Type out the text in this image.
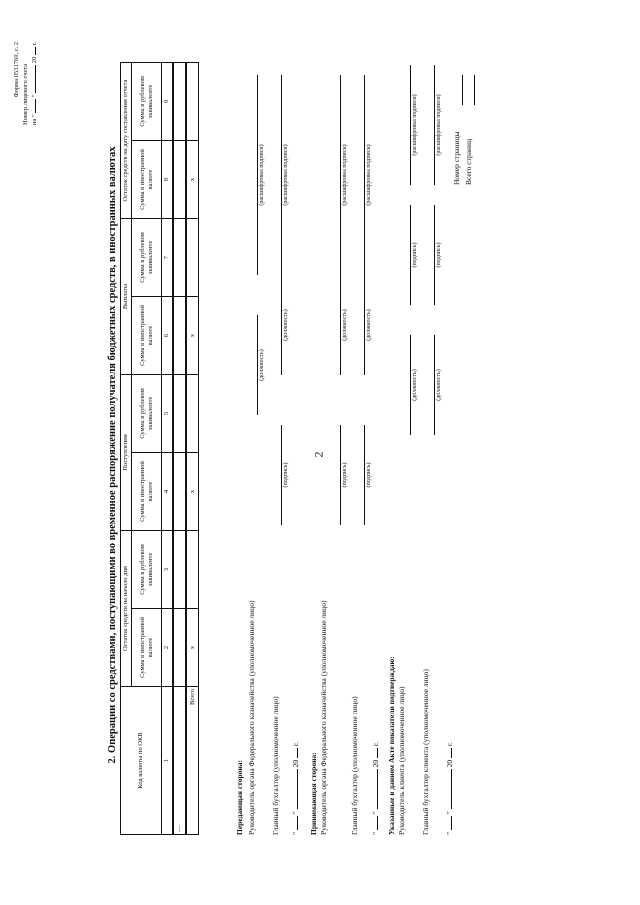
2
Форма 0531760, с. 2 Номер лицевого счета на "  "  20  г.
2. Операции со средствами, поступающими во временное распоряжение получателя бюджетных средств, в иностранных валютах	Код валюты по ОКВ	Остаток средств на начало дня		Поступления		Выплаты		Остаток средств на дату составления отчета	
	Сумма в иностранной валюте	Сумма в рублевом эквиваленте	Сумма в иностранной валюте	Сумма в рублевом эквиваленте	Сумма в иностранной валюте	Сумма в рублевом эквиваленте	Сумма в иностранной валюте	Сумма в рублевом эквиваленте
1	2	3	4	5	6	7	8	9
—								
Всего	х		х		х		х	
Передающая сторона: Руководитель органа Федерального казначейства (уполномоченное лицо)
(должность)
(расшифровка подписи)
Главный бухгалтер (уполномоченное лицо)
(должность)
(подпись)
(расшифровка подписи)
"  "  20  г.
Принимающая сторона: Руководитель органа Федерального казначейства (уполномоченное лицо)
(должность)
(подпись)
(расшифровка подписи)
Главный бухгалтер (уполномоченное лицо)
(должность)
(подпись)
(расшифровка подписи)
"  "  20  г. Указанные в данном Акте показатели подтверждаю: Руководитель клиента (уполномоченное лицо)
(должность)
(подпись)
(расшифровка подписи)
Главный бухгалтер клиента (уполномоченное лицо)
(должность)
(подпись)
(расшифровка подписи)
"  "  20  г.
Номер страницы Всего страниц
